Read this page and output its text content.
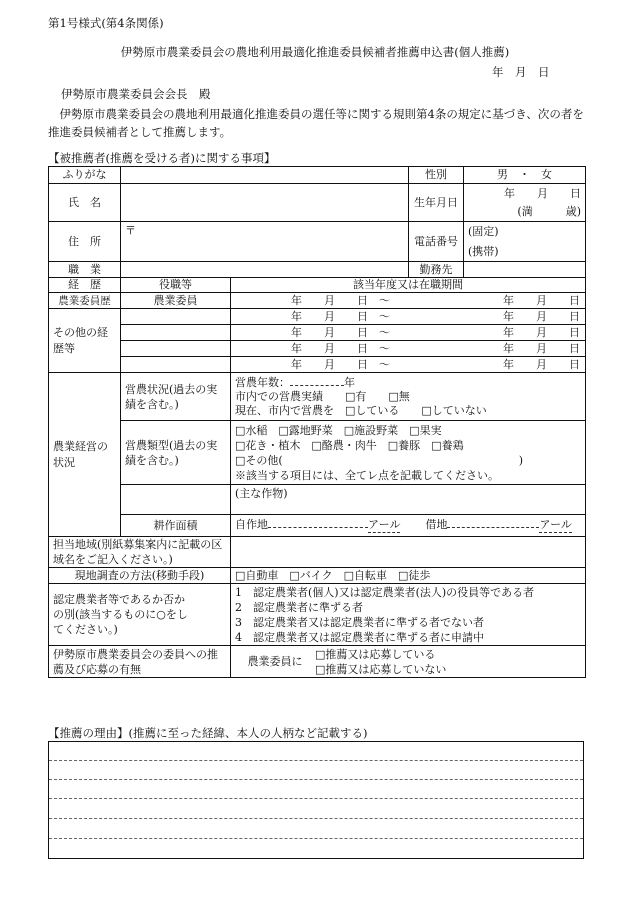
第1号様式(第4条関係)
伊勢原市農業委員会の農地利用最適化推進委員候補者推薦申込書(個人推薦)
年　月　日
伊勢原市農業委員会会長　殿
　伊勢原市農業委員会の農地利用最適化推進委員の選任等に関する規則第4条の規定に基づき、次の者を推進委員候補者として推薦します。
【被推薦者(推薦を受ける者)に関する事項】
ふりがな			性別	男　・　女
氏　名			生年月日	年　　月　　日
(満　　　歳)

住　所	〒		電話番号	(固定)
(携帯)

職　業			勤務先	
経　歴	役職等	該当年度又は在職期間		
農業委員歴	農業委員	年　　月　　日　〜 年　　月　　日		
その他の経歴等		年　　月　　日　〜 年　　月　　日		
		年　　月　　日　〜 年　　月　　日		
		年　　月　　日　〜 年　　月　　日		
		年　　月　　日　〜 年　　月　　日		
農業経営の状況	営農状況(過去の実績を含む。)	営農年数： 年
市内での営農実績　　□有　　□無
現在、市内で営農を　□している　　□していない		

	営農類型(過去の実績を含む。)	□水稲　□露地野菜　□施設野菜　□果実
□花き・植木　□酪農・肉牛　□養豚　□養鶏
□その他( )
※該当する項目には、全てレ点を記載してください。		

		(主な作物)		
	耕作面積	自作地 アール 借地 アール		
担当地域(別紙募集案内に記載の区域名をご記入ください。)				
現地調査の方法(移動手段)		□自動車　□バイク　□自転車　□徒歩		
認定農業者等であるか否かの別(該当するものに○をしてください。)		1　 認定農業者(個人)又は認定農業者(法人)の役員等である者
2　 認定農業者に準ずる者
3　 認定農業者又は認定農業者に準ずる者でない者
4　 認定農業者又は認定農業者に準ずる者に申請中		

伊勢原市農業委員会の委員への推薦及び応募の有無		農業委員に
□推薦又は応募している
□推薦又は応募していない		
【推薦の理由】(推薦に至った経緯、本人の人柄など記載する)
